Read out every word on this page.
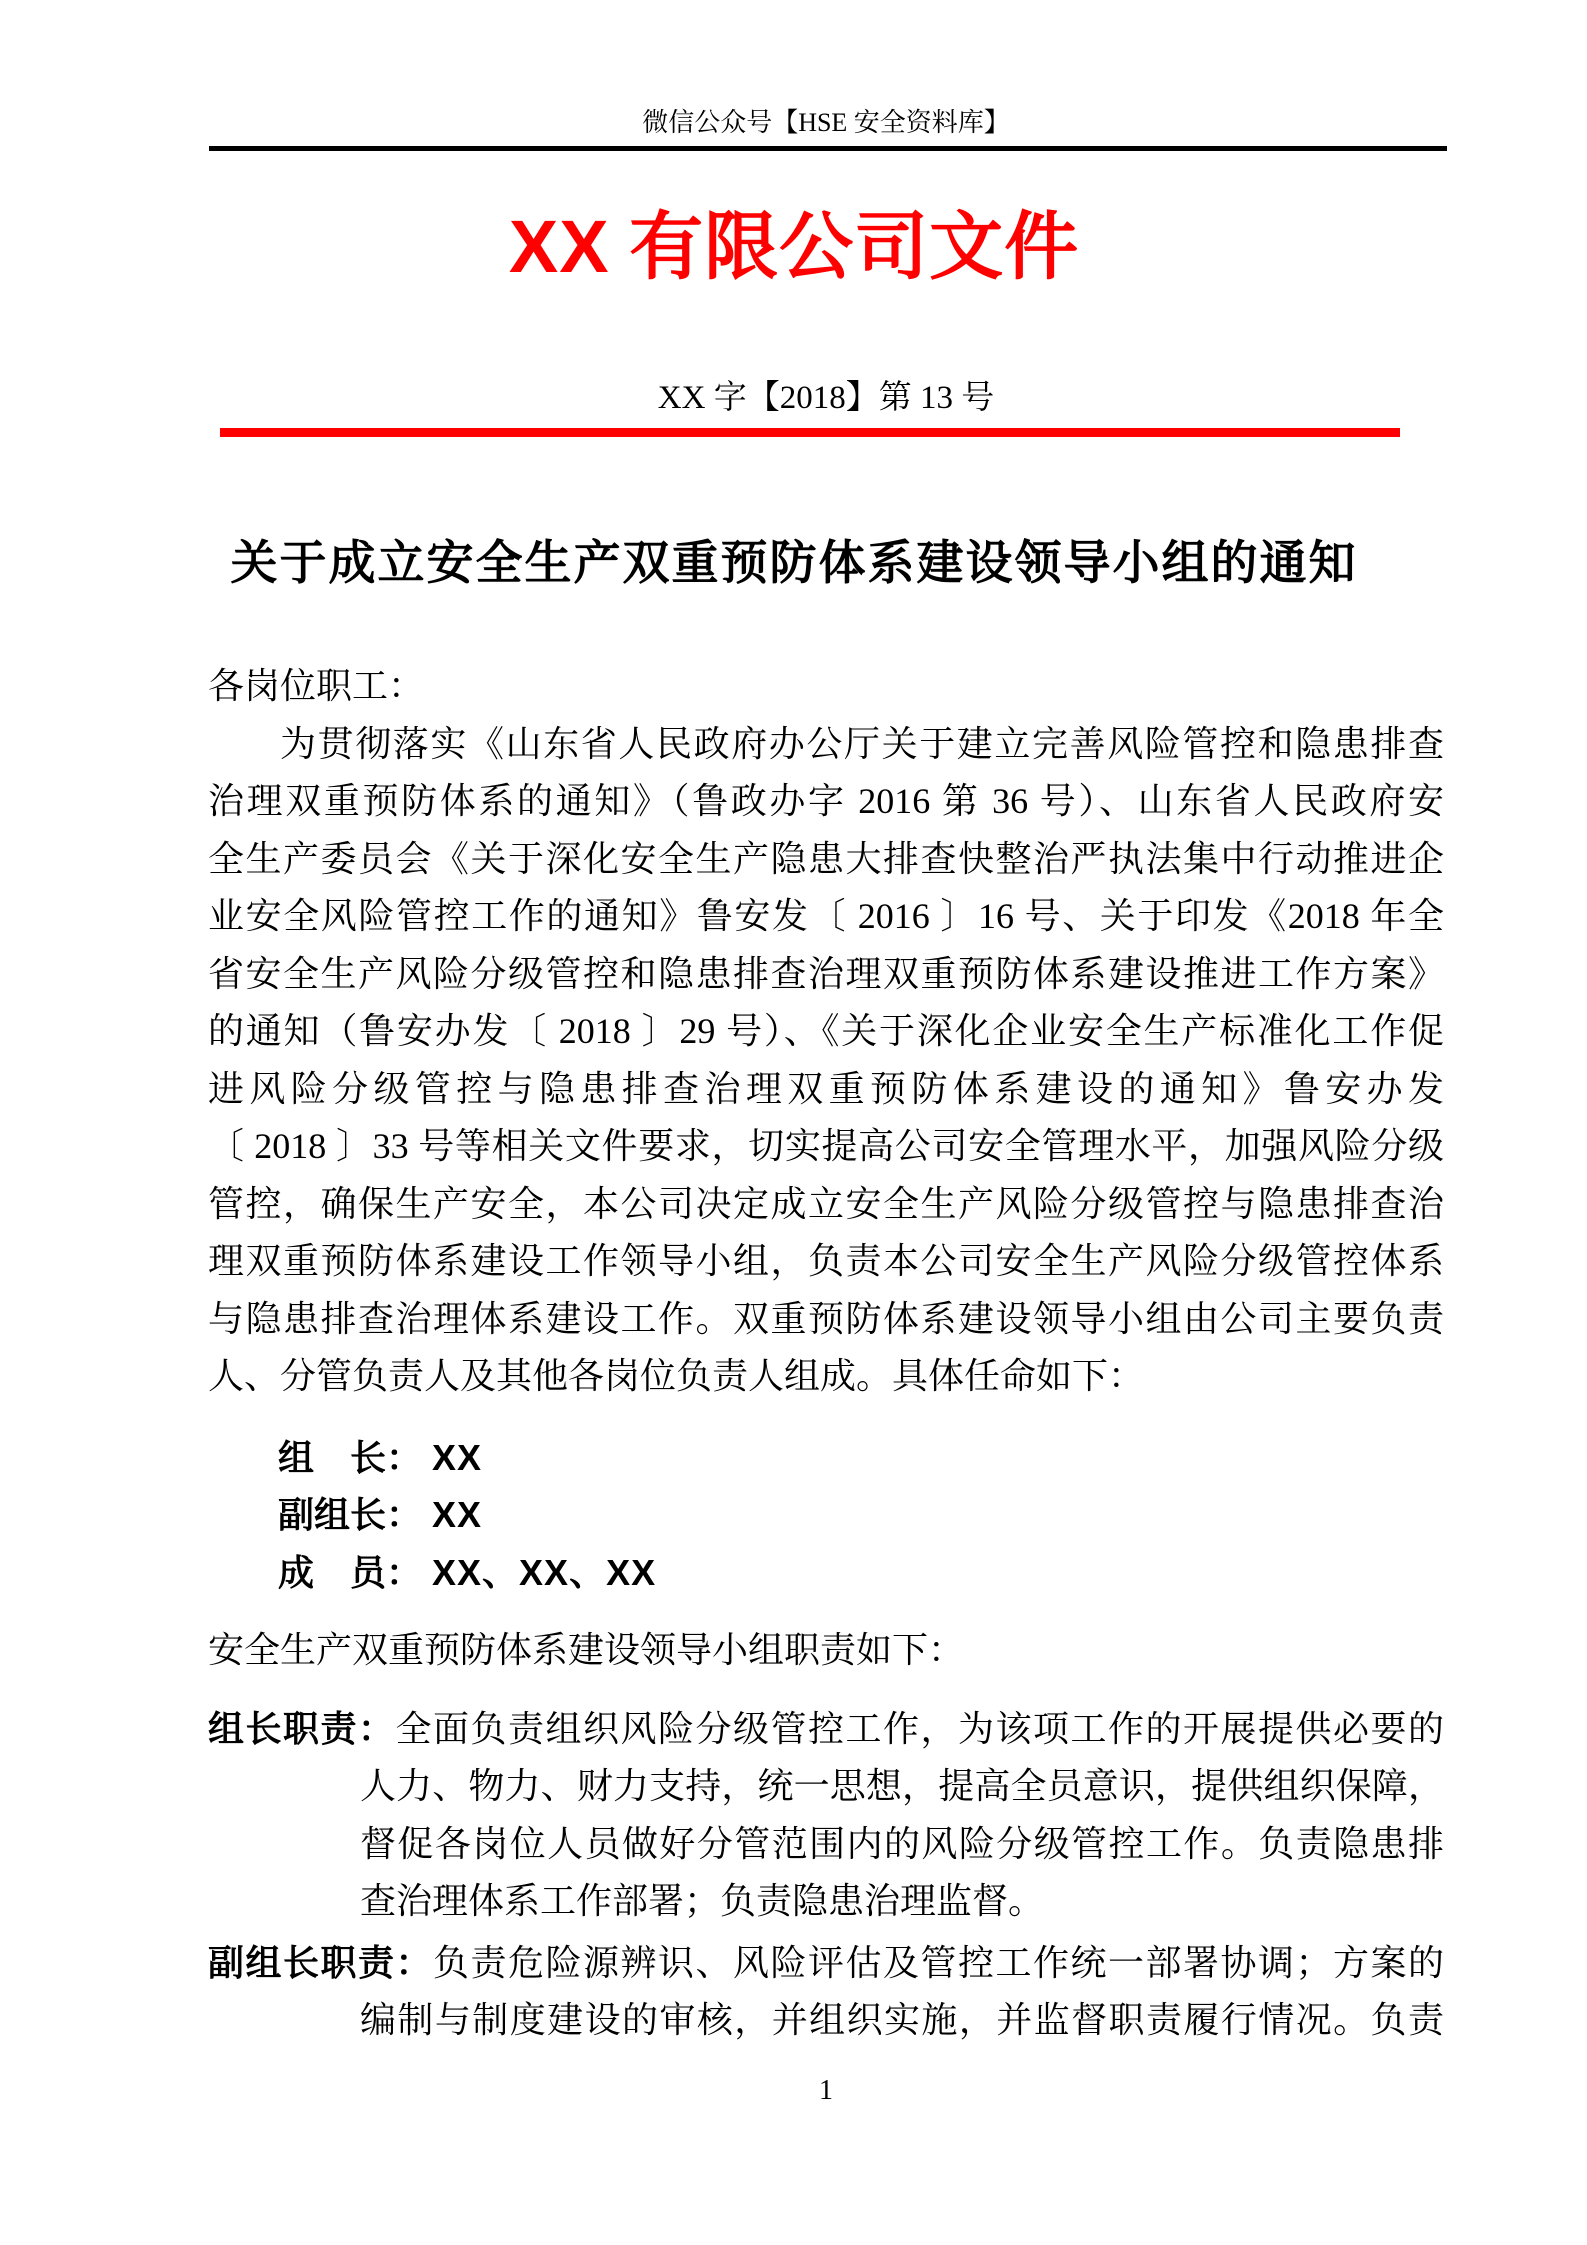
微信公众号【HSE 安全资料库】
XX 有限公司文件
XX 字【2018】第 13 号
关于成立安全生产双重预防体系建设领导小组的通知
各岗位职工：
为贯彻落实《山东省人民政府办公厅关于建立完善风险管控和隐患排查
治理双重预防体系的通知》（鲁政办字 2016 第 36 号）、山东省人民政府安
全生产委员会《关于深化安全生产隐患大排查快整治严执法集中行动推进企
业安全风险管控工作的通知》鲁安发〔 2016 〕16 号、关于印发《2018 年全
省安全生产风险分级管控和隐患排查治理双重预防体系建设推进工作方案》
的通知（鲁安办发〔 2018 〕29 号）、《关于深化企业安全生产标准化工作促
进风险分级管控与隐患排查治理双重预防体系建设的通知》鲁安办发
〔 2018 〕33 号等相关文件要求，切实提高公司安全管理水平，加强风险分级
管控，确保生产安全，本公司决定成立安全生产风险分级管控与隐患排查治
理双重预防体系建设工作领导小组，负责本公司安全生产风险分级管控体系
与隐患排查治理体系建设工作。双重预防体系建设领导小组由公司主要负责
人、分管负责人及其他各岗位负责人组成。具体任命如下：
组　长： XX
副组长： XX
成　员： XX、XX、XX
安全生产双重预防体系建设领导小组职责如下：
组长职责：全面负责组织风险分级管控工作，为该项工作的开展提供必要的
人力、物力、财力支持，统一思想，提高全员意识，提供组织保障，
督促各岗位人员做好分管范围内的风险分级管控工作。负责隐患排
查治理体系工作部署；负责隐患治理监督。
副组长职责：负责危险源辨识、风险评估及管控工作统一部署协调；方案的
编制与制度建设的审核，并组织实施，并监督职责履行情况。负责
1
